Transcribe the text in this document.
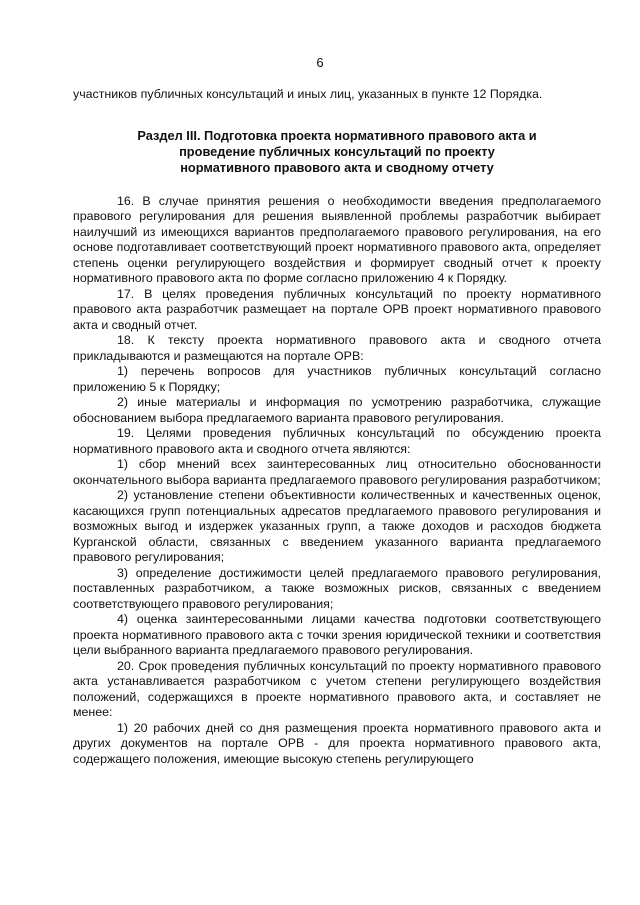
6

участников публичных консультаций и иных лиц, указанных в пункте 12 Порядка.

Раздел III. Подготовка проекта нормативного правового акта и
проведение публичных консультаций по проекту
нормативного правового акта и сводному отчету

16. В случае принятия решения о необходимости введения предполагаемого правового регулирования для решения выявленной проблемы разработчик выбирает наилучший из имеющихся вариантов предполагаемого правового регулирования, на его основе подготавливает соответствующий проект нормативного правового акта, определяет степень оценки регулирующего воздействия и формирует сводный отчет к проекту нормативного правового акта по форме согласно приложению 4 к Порядку.

17. В целях проведения публичных консультаций по проекту нормативного правового акта разработчик размещает на портале ОРВ проект нормативного правового акта и сводный отчет.

18. К тексту проекта нормативного правового акта и сводного отчета прикладываются и размещаются на портале ОРВ:

1) перечень вопросов для участников публичных консультаций согласно приложению 5 к Порядку;

2) иные материалы и информация по усмотрению разработчика, служащие обоснованием выбора предлагаемого варианта правового регулирования.

19. Целями проведения публичных консультаций по обсуждению проекта нормативного правового акта и сводного отчета являются:

1) сбор мнений всех заинтересованных лиц относительно обоснованности окончательного выбора варианта предлагаемого правового регулирования разработчиком;

2) установление степени объективности количественных и качественных оценок, касающихся групп потенциальных адресатов предлагаемого правового регулирования и возможных выгод и издержек указанных групп, а также доходов и расходов бюджета Курганской области, связанных с введением указанного варианта предлагаемого правового регулирования;

3) определение достижимости целей предлагаемого правового регулирования, поставленных разработчиком, а также возможных рисков, связанных с введением соответствующего правового регулирования;

4) оценка заинтересованными лицами качества подготовки соответствующего проекта нормативного правового акта с точки зрения юридической техники и соответствия цели выбранного варианта предлагаемого правового регулирования.

20. Срок проведения публичных консультаций по проекту нормативного правового акта устанавливается разработчиком с учетом степени регулирующего воздействия положений, содержащихся в проекте нормативного правового акта, и составляет не менее:

1) 20 рабочих дней со дня размещения проекта нормативного правового акта и других документов на портале ОРВ - для проекта нормативного правового акта, содержащего положения, имеющие высокую степень регулирующего
